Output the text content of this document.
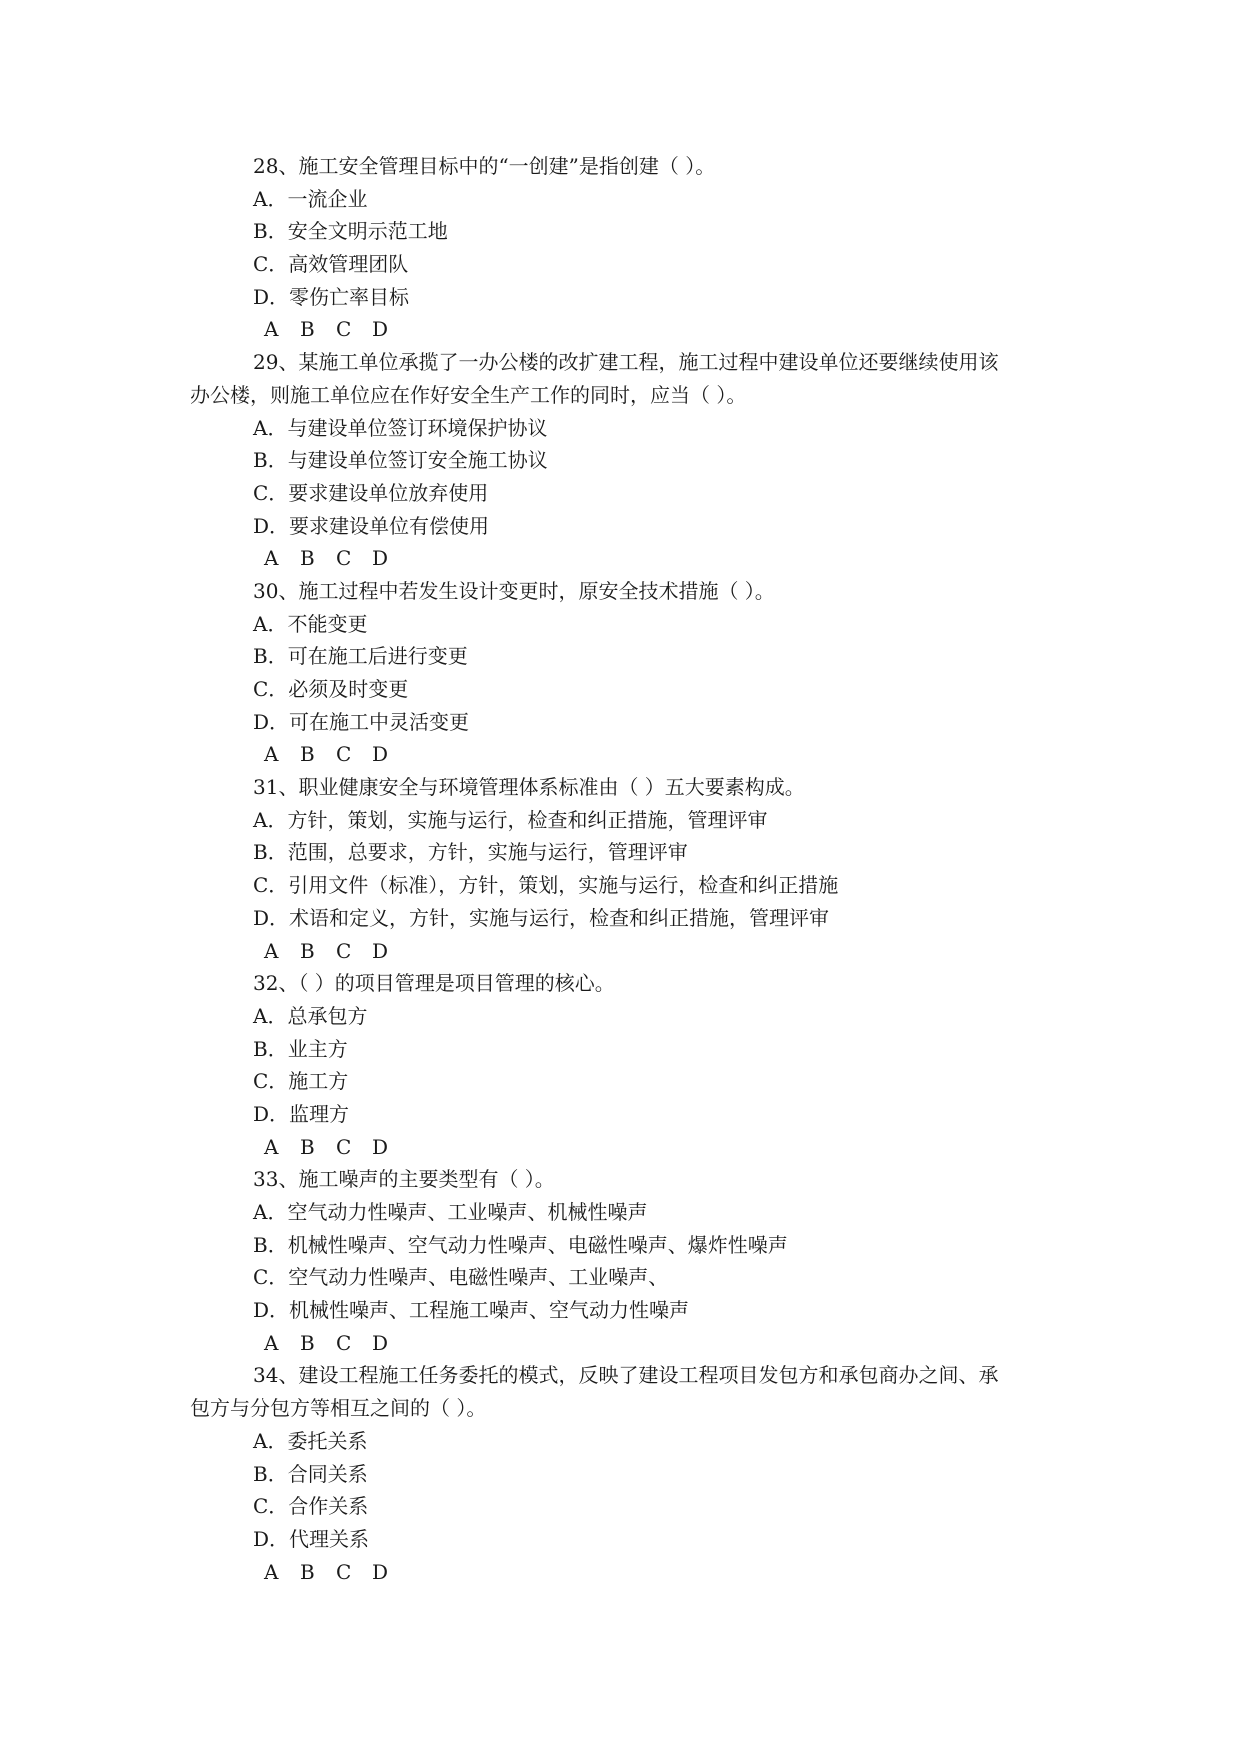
28、施工安全管理目标中的“一创建”是指创建（ ）。
A．一流企业
B．安全文明示范工地
C．高效管理团队
D．零伤亡率目标
A B C D
29、某施工单位承揽了一办公楼的改扩建工程，施工过程中建设单位还要继续使用该
办公楼，则施工单位应在作好安全生产工作的同时，应当（ ）。
A．与建设单位签订环境保护协议
B．与建设单位签订安全施工协议
C．要求建设单位放弃使用
D．要求建设单位有偿使用
A B C D
30、施工过程中若发生设计变更时，原安全技术措施（ ）。
A．不能变更
B．可在施工后进行变更
C．必须及时变更
D．可在施工中灵活变更
A B C D
31、职业健康安全与环境管理体系标准由（ ）五大要素构成。
A．方针，策划，实施与运行，检查和纠正措施，管理评审
B．范围，总要求，方针，实施与运行，管理评审
C．引用文件（标准），方针，策划，实施与运行，检查和纠正措施
D．术语和定义，方针，实施与运行，检查和纠正措施，管理评审
A B C D
32、（ ）的项目管理是项目管理的核心。
A．总承包方
B．业主方
C．施工方
D．监理方
A B C D
33、施工噪声的主要类型有（ ）。
A．空气动力性噪声、工业噪声、机械性噪声
B．机械性噪声、空气动力性噪声、电磁性噪声、爆炸性噪声
C．空气动力性噪声、电磁性噪声、工业噪声、
D．机械性噪声、工程施工噪声、空气动力性噪声
A B C D
34、建设工程施工任务委托的模式，反映了建设工程项目发包方和承包商办之间、承
包方与分包方等相互之间的（ ）。
A．委托关系
B．合同关系
C．合作关系
D．代理关系
A B C D
